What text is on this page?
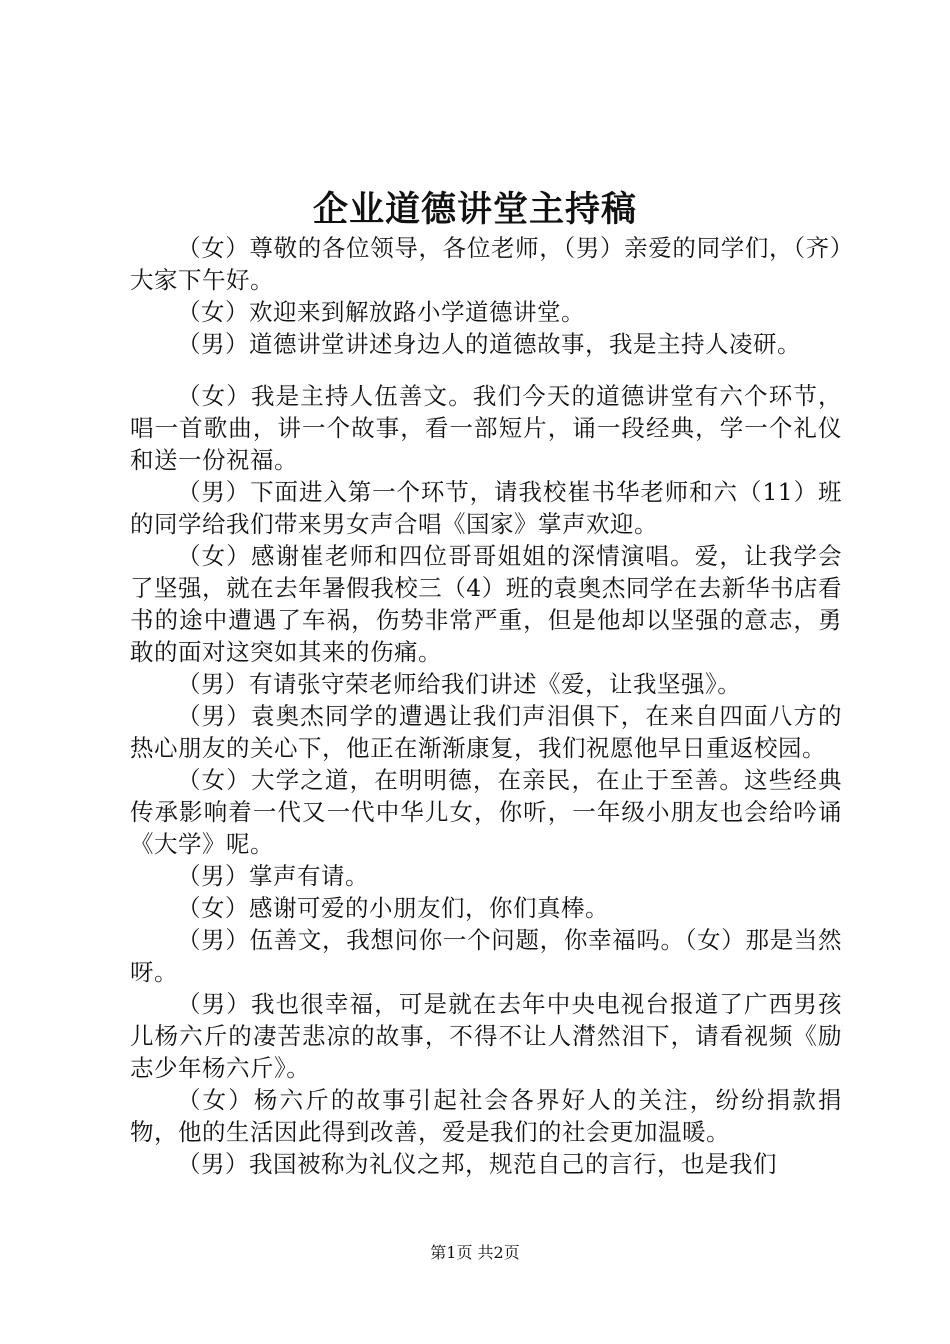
企业道德讲堂主持稿

（女）尊敬的各位领导，各位老师，（男）亲爱的同学们，（齐）大家下午好。

（女）欢迎来到解放路小学道德讲堂。

（男）道德讲堂讲述身边人的道德故事，我是主持人凌研。

（女）我是主持人伍善文。我们今天的道德讲堂有六个环节，唱一首歌曲，讲一个故事，看一部短片，诵一段经典，学一个礼仪和送一份祝福。

（男）下面进入第一个环节，请我校崔书华老师和六（11）班的同学给我们带来男女声合唱《国家》掌声欢迎。

（女）感谢崔老师和四位哥哥姐姐的深情演唱。爱，让我学会了坚强，就在去年暑假我校三（4）班的袁奥杰同学在去新华书店看书的途中遭遇了车祸，伤势非常严重，但是他却以坚强的意志，勇敢的面对这突如其来的伤痛。

（男）有请张守荣老师给我们讲述《爱，让我坚强》。

（男）袁奥杰同学的遭遇让我们声泪俱下，在来自四面八方的热心朋友的关心下，他正在渐渐康复，我们祝愿他早日重返校园。

（女）大学之道，在明明德，在亲民，在止于至善。这些经典传承影响着一代又一代中华儿女，你听，一年级小朋友也会给吟诵《大学》呢。

（男）掌声有请。

（女）感谢可爱的小朋友们，你们真棒。

（男）伍善文，我想问你一个问题，你幸福吗。（女）那是当然呀。

（男）我也很幸福，可是就在去年中央电视台报道了广西男孩儿杨六斤的凄苦悲凉的故事，不得不让人潸然泪下，请看视频《励志少年杨六斤》。

（女）杨六斤的故事引起社会各界好人的关注，纷纷捐款捐物，他的生活因此得到改善，爱是我们的社会更加温暖。

（男）我国被称为礼仪之邦，规范自己的言行，也是我们

第1页 共2页
